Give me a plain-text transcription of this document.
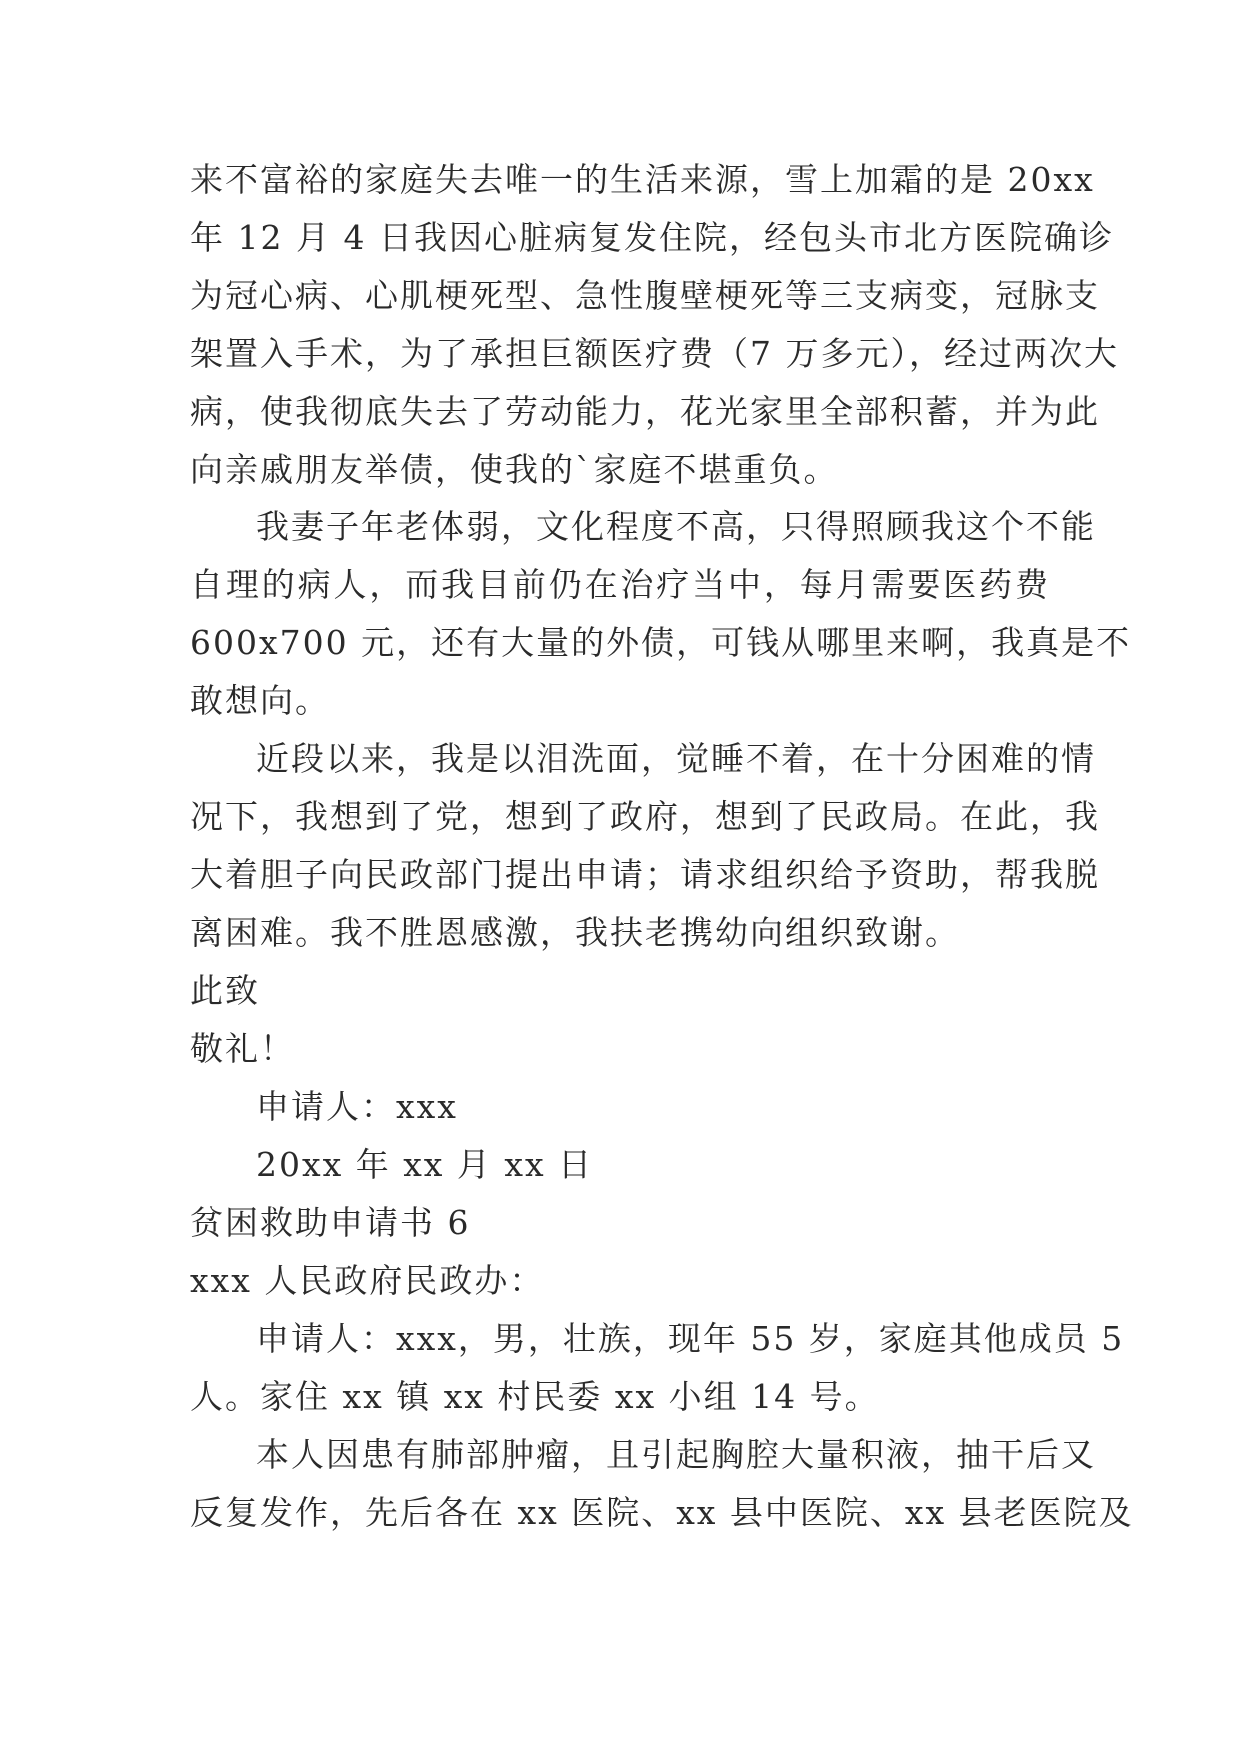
来不富裕的家庭失去唯一的生活来源，雪上加霜的是 20xx
年 12 月 4 日我因心脏病复发住院，经包头市北方医院确诊
为冠心病、心肌梗死型、急性腹壁梗死等三支病变，冠脉支
架置入手术，为了承担巨额医疗费（7 万多元），经过两次大
病，使我彻底失去了劳动能力，花光家里全部积蓄，并为此
向亲戚朋友举债，使我的`家庭不堪重负。
我妻子年老体弱，文化程度不高，只得照顾我这个不能
自理的病人，而我目前仍在治疗当中，每月需要医药费
600x700 元，还有大量的外债，可钱从哪里来啊，我真是不
敢想向。
近段以来，我是以泪洗面，觉睡不着，在十分困难的情
况下，我想到了党，想到了政府，想到了民政局。在此，我
大着胆子向民政部门提出申请；请求组织给予资助，帮我脱
离困难。我不胜恩感激，我扶老携幼向组织致谢。
此致
敬礼！
申请人：xxx
20xx 年 xx 月 xx 日
贫困救助申请书 6
xxx 人民政府民政办：
申请人：xxx，男，壮族，现年 55 岁，家庭其他成员 5
人。家住 xx 镇 xx 村民委 xx 小组 14 号。
本人因患有肺部肿瘤，且引起胸腔大量积液，抽干后又
反复发作，先后各在 xx 医院、xx 县中医院、xx 县老医院及
